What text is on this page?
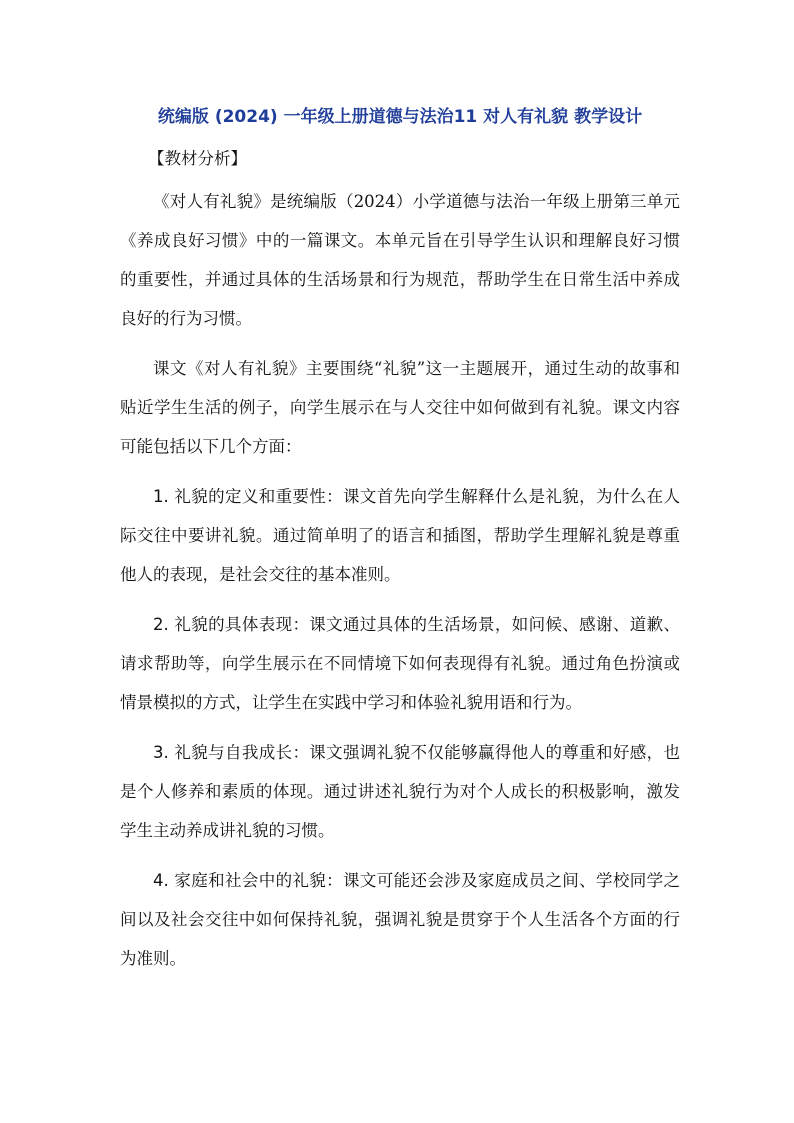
统编版 (2024) 一年级上册道德与法治11 对人有礼貌 教学设计

【教材分析】

《对人有礼貌》是统编版（2024）小学道德与法治一年级上册第三单元《养成良好习惯》中的一篇课文。本单元旨在引导学生认识和理解良好习惯的重要性，并通过具体的生活场景和行为规范，帮助学生在日常生活中养成良好的行为习惯。

课文《对人有礼貌》主要围绕“礼貌”这一主题展开，通过生动的故事和贴近学生生活的例子，向学生展示在与人交往中如何做到有礼貌。课文内容可能包括以下几个方面：

1. 礼貌的定义和重要性：课文首先向学生解释什么是礼貌，为什么在人际交往中要讲礼貌。通过简单明了的语言和插图，帮助学生理解礼貌是尊重他人的表现，是社会交往的基本准则。

2. 礼貌的具体表现：课文通过具体的生活场景，如问候、感谢、道歉、请求帮助等，向学生展示在不同情境下如何表现得有礼貌。通过角色扮演或情景模拟的方式，让学生在实践中学习和体验礼貌用语和行为。

3. 礼貌与自我成长：课文强调礼貌不仅能够赢得他人的尊重和好感，也是个人修养和素质的体现。通过讲述礼貌行为对个人成长的积极影响，激发学生主动养成讲礼貌的习惯。

4. 家庭和社会中的礼貌：课文可能还会涉及家庭成员之间、学校同学之间以及社会交往中如何保持礼貌，强调礼貌是贯穿于个人生活各个方面的行为准则。
